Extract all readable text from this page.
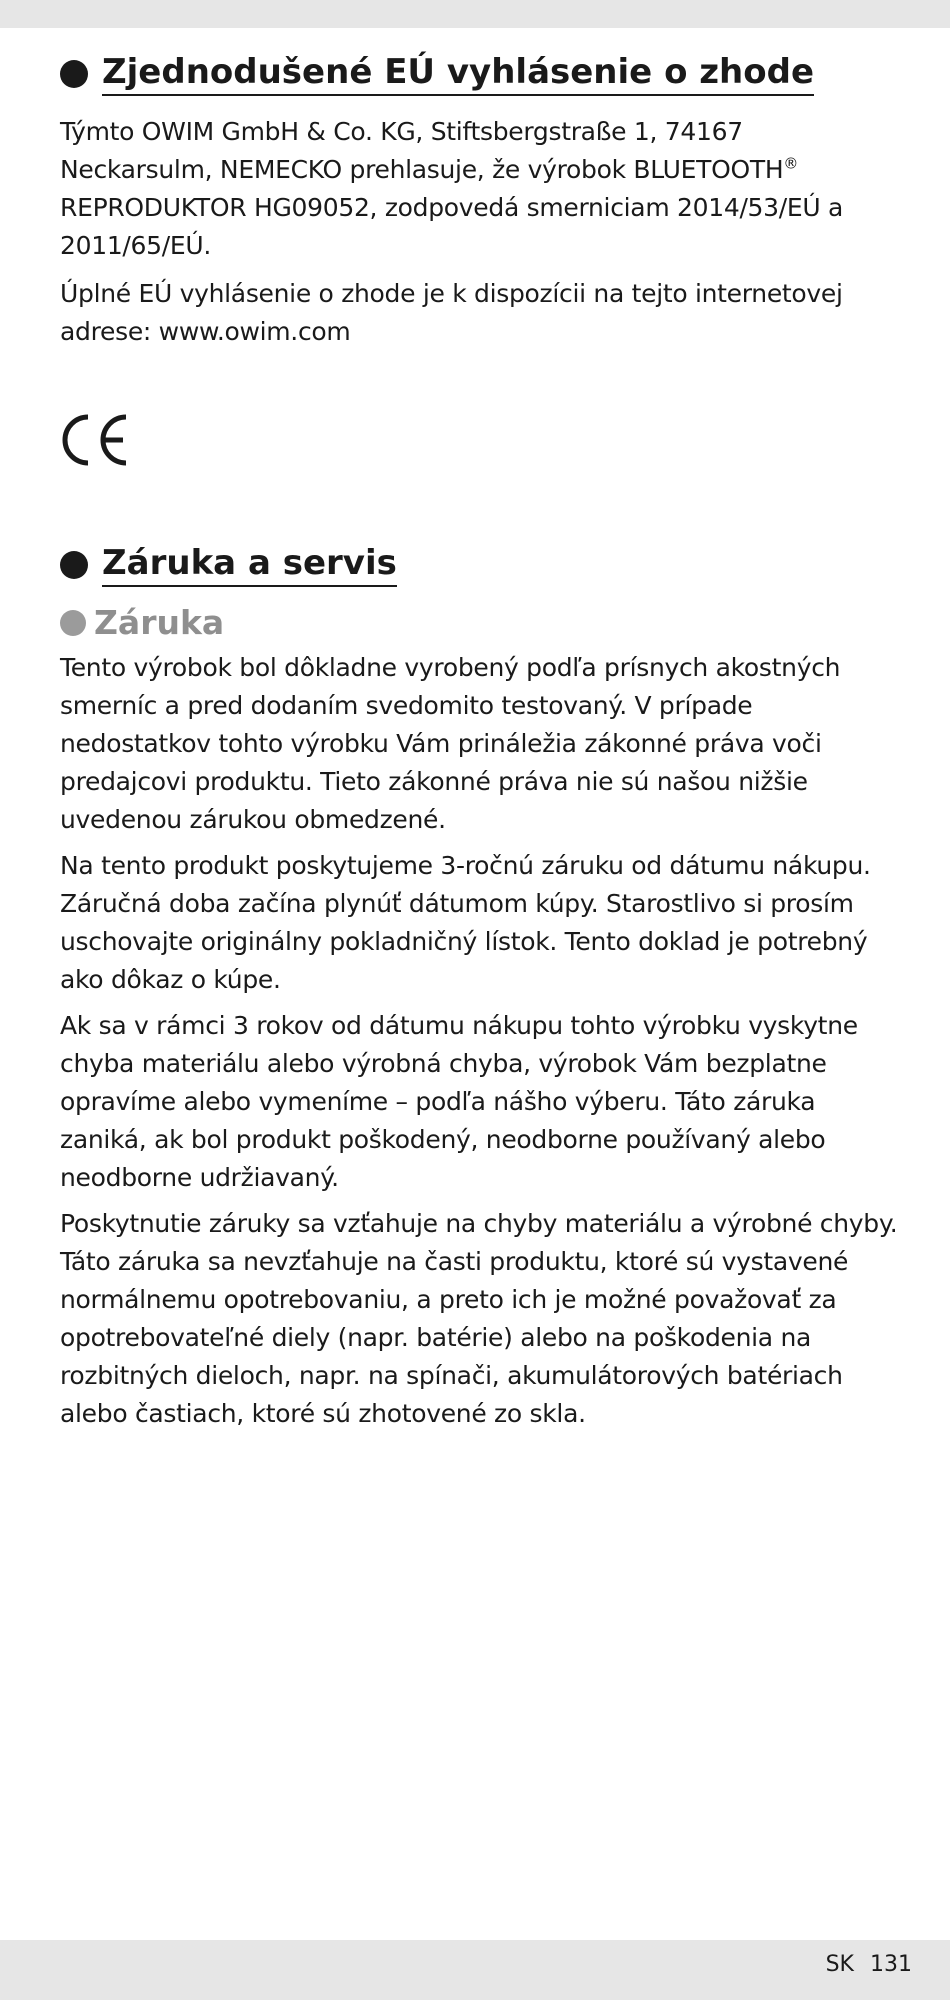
Zjednodušené EÚ vyhlásenie o zhode

Týmto OWIM GmbH & Co. KG, Stiftsbergstraße 1, 74167 Neckarsulm, NEMECKO prehlasuje, že výrobok BLUETOOTH® REPRODUKTOR HG09052, zodpovedá smerniciam 2014/53/EÚ a 2011/65/EÚ.

Úplné EÚ vyhlásenie o zhode je k dispozícii na tejto internetovej adrese: www.owim.com

Záruka a servis
Záruka

Tento výrobok bol dôkladne vyrobený podľa prísnych akostných smerníc a pred dodaním svedomito testovaný. V prípade nedostatkov tohto výrobku Vám prináležia zákonné práva voči predajcovi produktu. Tieto zákonné práva nie sú našou nižšie uvedenou zárukou obmedzené.

Na tento produkt poskytujeme 3-ročnú záruku od dátumu nákupu. Záručná doba začína plynúť dátumom kúpy. Starostlivo si prosím uschovajte originálny pokladničný lístok. Tento doklad je potrebný ako dôkaz o kúpe.

Ak sa v rámci 3 rokov od dátumu nákupu tohto výrobku vyskytne chyba materiálu alebo výrobná chyba, výrobok Vám bezplatne opravíme alebo vymeníme – podľa nášho výberu. Táto záruka zaniká, ak bol produkt poškodený, neodborne používaný alebo neodborne udržiavaný.

Poskytnutie záruky sa vzťahuje na chyby materiálu a výrobné chyby. Táto záruka sa nevzťahuje na časti produktu, ktoré sú vystavené normálnemu opotrebovaniu, a preto ich je možné považovať za opotrebovateľné diely (napr. batérie) alebo na poškodenia na rozbitných dieloch, napr. na spínači, akumulátorových batériach alebo častiach, ktoré sú zhotovené zo skla.

SK 131
